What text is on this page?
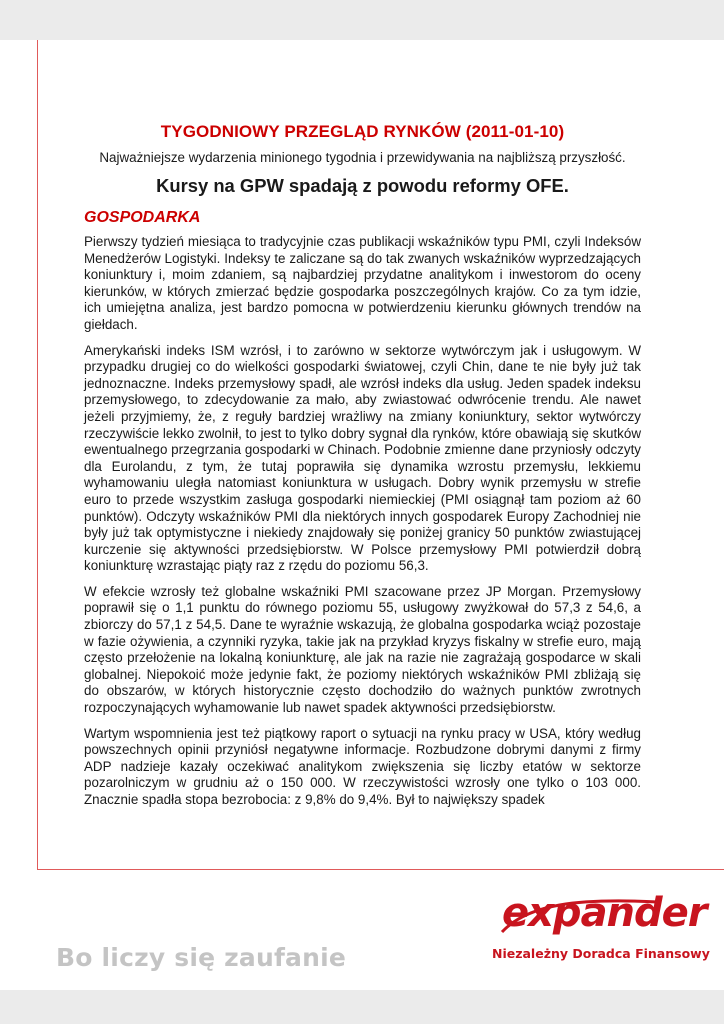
TYGODNIOWY PRZEGLĄD RYNKÓW (2011-01-10)
Najważniejsze wydarzenia minionego tygodnia i przewidywania na najbliższą przyszłość.
Kursy na GPW spadają z powodu reformy OFE.
GOSPODARKA

Pierwszy tydzień miesiąca to tradycyjnie czas publikacji wskaźników typu PMI, czyli Indeksów Menedżerów Logistyki. Indeksy te zaliczane są do tak zwanych wskaźników wyprzedzających koniunktury i, moim zdaniem, są najbardziej przydatne analitykom i inwestorom do oceny kierunków, w których zmierzać będzie gospodarka poszczególnych krajów. Co za tym idzie, ich umiejętna analiza, jest bardzo pomocna w potwierdzeniu kierunku głównych trendów na giełdach.

Amerykański indeks ISM wzrósł, i to zarówno w sektorze wytwórczym jak i usługowym. W przypadku drugiej co do wielkości gospodarki światowej, czyli Chin, dane te nie były już tak jednoznaczne. Indeks przemysłowy spadł, ale wzrósł indeks dla usług. Jeden spadek indeksu przemysłowego, to zdecydowanie za mało, aby zwiastować odwrócenie trendu. Ale nawet jeżeli przyjmiemy, że, z reguły bardziej wrażliwy na zmiany koniunktury, sektor wytwórczy rzeczywiście lekko zwolnił, to jest to tylko dobry sygnał dla rynków, które obawiają się skutków ewentualnego przegrzania gospodarki w Chinach. Podobnie zmienne dane przyniosły odczyty dla Eurolandu, z tym, że tutaj poprawiła się dynamika wzrostu przemysłu, lekkiemu wyhamowaniu uległa natomiast koniunktura w usługach. Dobry wynik przemysłu w strefie euro to przede wszystkim zasługa gospodarki niemieckiej (PMI osiągnął tam poziom aż 60 punktów). Odczyty wskaźników PMI dla niektórych innych gospodarek Europy Zachodniej nie były już tak optymistyczne i niekiedy znajdowały się poniżej granicy 50 punktów zwiastującej kurczenie się aktywności przedsiębiorstw. W Polsce przemysłowy PMI potwierdził dobrą koniunkturę wzrastając piąty raz z rzędu do poziomu 56,3.

W efekcie wzrosły też globalne wskaźniki PMI szacowane przez JP Morgan. Przemysłowy poprawił się o 1,1 punktu do równego poziomu 55, usługowy zwyżkował do 57,3 z 54,6, a zbiorczy do 57,1 z 54,5. Dane te wyraźnie wskazują, że globalna gospodarka wciąż pozostaje w fazie ożywienia, a czynniki ryzyka, takie jak na przykład kryzys fiskalny w strefie euro, mają często przełożenie na lokalną koniunkturę, ale jak na razie nie zagrażają gospodarce w skali globalnej. Niepokoić może jedynie fakt, że poziomy niektórych wskaźników PMI zbliżają się do obszarów, w których historycznie często dochodziło do ważnych punktów zwrotnych rozpoczynających wyhamowanie lub nawet spadek aktywności przedsiębiorstw.

Wartym wspomnienia jest też piątkowy raport o sytuacji na rynku pracy w USA, który według powszechnych opinii przyniósł negatywne informacje. Rozbudzone dobrymi danymi z firmy ADP nadzieje kazały oczekiwać analitykom zwiększenia się liczby etatów w sektorze pozarolniczym w grudniu aż o 150 000. W rzeczywistości wzrosły one tylko o 103 000. Znacznie spadła stopa bezrobocia: z 9,8% do 9,4%. Był to największy spadek

Bo liczy się zaufanie
expander
Niezależny Doradca Finansowy
